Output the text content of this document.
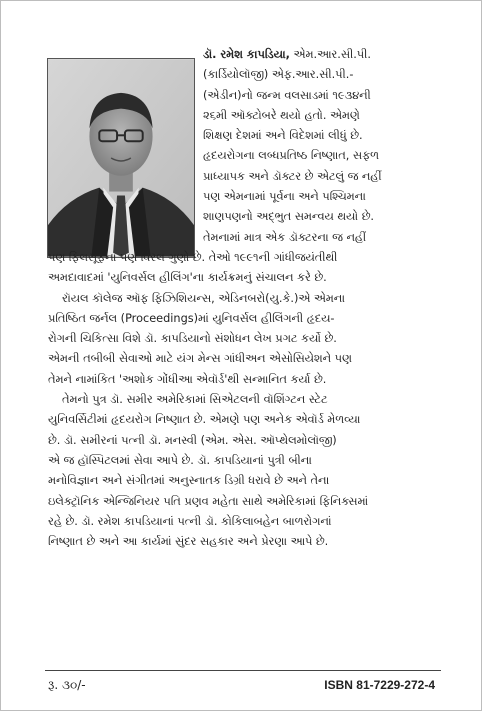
ડૉ. રમેશ કાપડિયા, એમ.આર.સી.પી.
(કાર્ડિયોલૉજી) એફ.આર.સી.પી.-
(એડીન)નો જન્મ વલસાડમાં ૧૯૩૪ની
૨૬મી ઑક્ટોબરે થયો હતો. એમણે
શિક્ષણ દેશમાં અને વિદેશમાં લીધું છે.
હૃદયરોગના લબ્ધપ્રતિષ્ઠ નિષ્ણાત, સફળ
પ્રાધ્યાપક અને ડૉક્ટર છે એટલું જ નહીં
પણ એમનામાં પૂર્વના અને પશ્ચિમના
શાણપણનો અદ્ભુત સમન્વય થયો છે.
તેમનામાં માત્ર એક ડૉક્ટરના જ નહીં
પણ ફિલસૂફના પણ વિરલ ગુણો છે. તેઓ ૧૯૯૧ની ગાંધીજયંતીથી
અમદાવાદમાં 'યુનિવર્સલ હીલિંગ'ના કાર્યક્રમનું સંચાલન કરે છે.

રૉયલ કૉલેજ ઑફ ફિઝિશિયન્સ, એડિનબરો(યુ.કે.)એ એમના
પ્રતિષ્ઠિત જર્નલ (Proceedings)માં યુનિવર્સલ હીલિંગની હૃદય-
રોગની ચિકિત્સા વિશે ડૉ. કાપડિયાનો સંશોધન લેખ પ્રગટ કર્યો છે.
એમની તબીબી સેવાઓ માટે યંગ મેન્સ ગાંધીઅન એસોસિયેશને પણ
તેમને નામાંકિત 'અશોક ગોંધીઆ એવૉર્ડ'થી સન્માનિત કર્યા છે.

તેમનો પુત્ર ડૉ. સમીર અમેરિકામાં સિએટલની વૉશિંગ્ટન સ્ટેટ
યુનિવર્સિટીમાં હૃદયરોગ નિષ્ણાત છે. એમણે પણ અનેક એવૉર્ડ મેળવ્યા
છે. ડૉ. સમીરનાં પત્ની ડૉ. મનસ્વી (એમ. એસ. ઑપ્થેલમોલૉજી)
એ જ હૉસ્પિટલમાં સેવા આપે છે. ડૉ. કાપડિયાનાં પુત્રી બીના
મનોવિજ્ઞાન અને સંગીતમાં અનુસ્નાતક ડિગ્રી ધરાવે છે અને તેના
ઇલેક્ટ્રૉનિક એન્જિનિયર પતિ પ્રણવ મહેતા સાથે અમેરિકામાં ફિનિક્સમાં
રહે છે. ડૉ. રમેશ કાપડિયાનાં પત્ની ડૉ. કોકિલાબહેન બાળરોગનાં
નિષ્ણાત છે અને આ કાર્યમાં સુંદર સહકાર અને પ્રેરણા આપે છે.

રૂ. ૩૦/-	ISBN 81-7229-272-4
